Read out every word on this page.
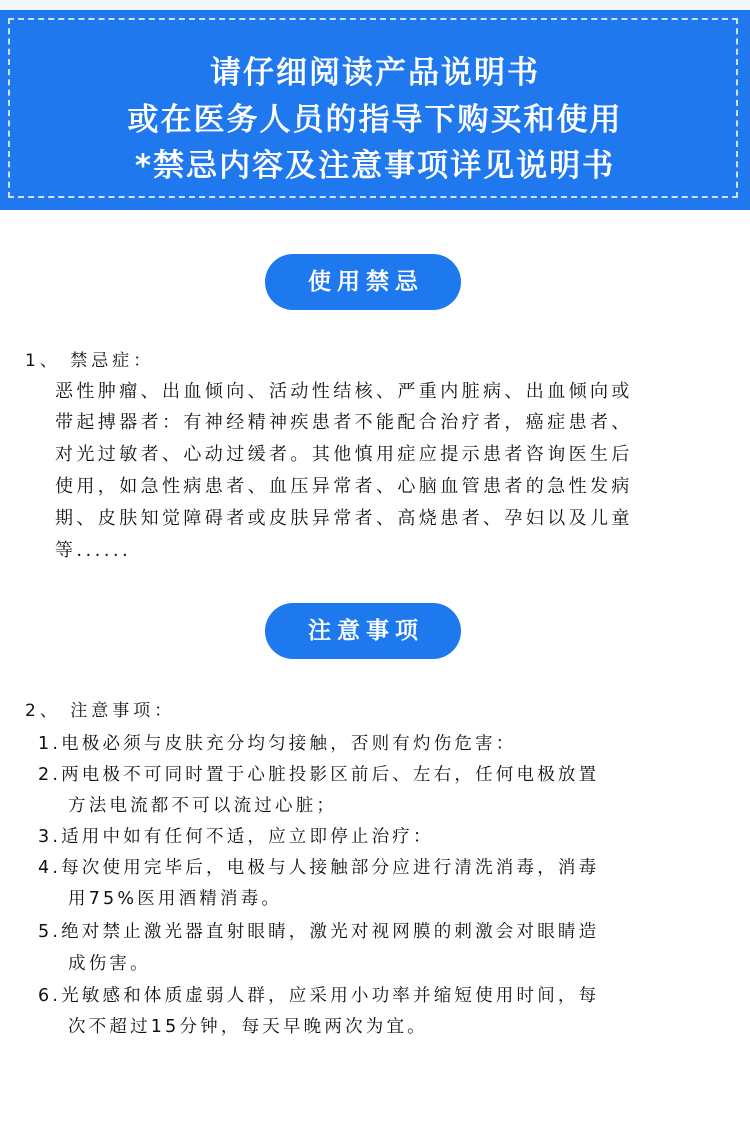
请仔细阅读产品说明书
或在医务人员的指导下购买和使用
*禁忌内容及注意事项详见说明书
使用禁忌
1、 禁忌症：
恶性肿瘤、出血倾向、活动性结核、严重内脏病、出血倾向或
带起搏器者：有神经精神疾患者不能配合治疗者，癌症患者、
对光过敏者、心动过缓者。其他慎用症应提示患者咨询医生后
使用，如急性病患者、血压异常者、心脑血管患者的急性发病
期、皮肤知觉障碍者或皮肤异常者、高烧患者、孕妇以及儿童
等......
注意事项
2、 注意事项：
1.电极必须与皮肤充分均匀接触，否则有灼伤危害：
2.两电极不可同时置于心脏投影区前后、左右，任何电极放置
方法电流都不可以流过心脏；
3.适用中如有任何不适，应立即停止治疗：
4.每次使用完毕后，电极与人接触部分应进行清洗消毒，消毒
用75%医用酒精消毒。
5.绝对禁止激光器直射眼睛，激光对视网膜的刺激会对眼睛造
成伤害。
6.光敏感和体质虚弱人群，应采用小功率并缩短使用时间，每
次不超过15分钟，每天早晚两次为宜。
